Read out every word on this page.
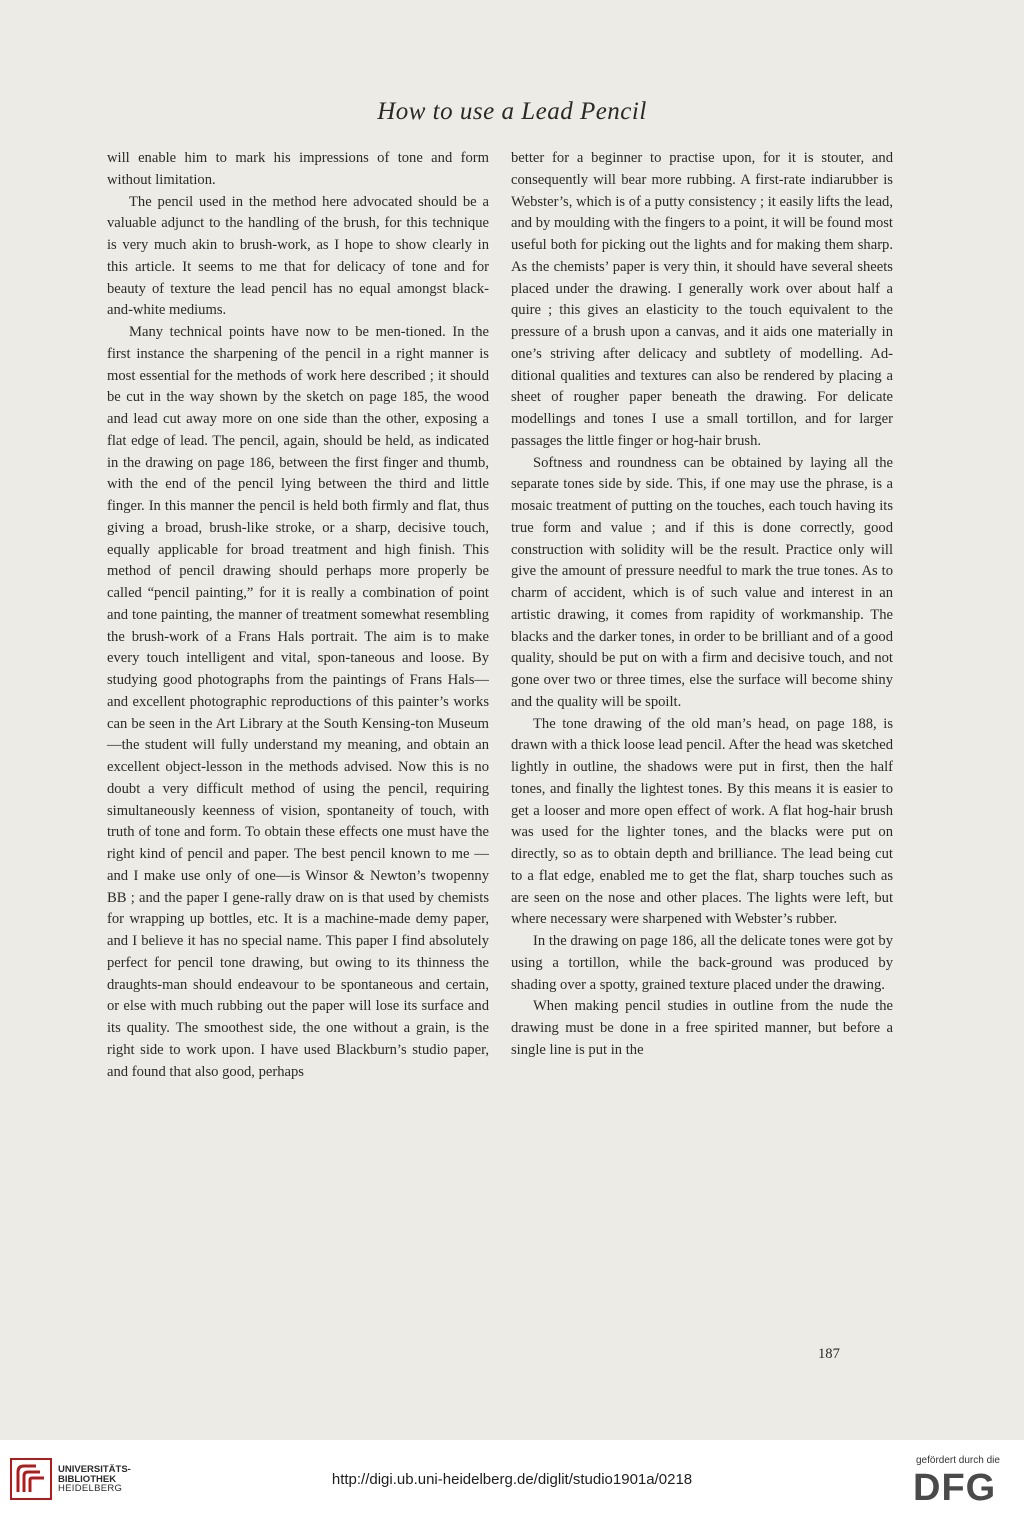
How to use a Lead Pencil

will enable him to mark his impressions of tone and form without limitation.

The pencil used in the method here advocated should be a valuable adjunct to the handling of the brush, for this technique is very much akin to brush-work, as I hope to show clearly in this article. It seems to me that for delicacy of tone and for beauty of texture the lead pencil has no equal amongst black-and-white mediums.

Many technical points have now to be men-tioned. In the first instance the sharpening of the pencil in a right manner is most essential for the methods of work here described ; it should be cut in the way shown by the sketch on page 185, the wood and lead cut away more on one side than the other, exposing a flat edge of lead. The pencil, again, should be held, as indicated in the drawing on page 186, between the first finger and thumb, with the end of the pencil lying between the third and little finger. In this manner the pencil is held both firmly and flat, thus giving a broad, brush-like stroke, or a sharp, decisive touch, equally applicable for broad treatment and high finish. This method of pencil drawing should perhaps more properly be called “pencil painting,” for it is really a combination of point and tone painting, the manner of treatment somewhat resembling the brush-work of a Frans Hals portrait. The aim is to make every touch intelligent and vital, spon-taneous and loose. By studying good photographs from the paintings of Frans Hals—and excellent photographic reproductions of this painter’s works can be seen in the Art Library at the South Kensing-ton Museum—the student will fully understand my meaning, and obtain an excellent object-lesson in the methods advised. Now this is no doubt a very difficult method of using the pencil, requiring simultaneously keenness of vision, spontaneity of touch, with truth of tone and form. To obtain these effects one must have the right kind of pencil and paper. The best pencil known to me —and I make use only of one—is Winsor & Newton’s twopenny BB ; and the paper I gene-rally draw on is that used by chemists for wrapping up bottles, etc. It is a machine-made demy paper, and I believe it has no special name. This paper I find absolutely perfect for pencil tone drawing, but owing to its thinness the draughts-man should endeavour to be spontaneous and certain, or else with much rubbing out the paper will lose its surface and its quality. The smoothest side, the one without a grain, is the right side to work upon. I have used Blackburn’s studio paper, and found that also good, perhaps

better for a beginner to practise upon, for it is stouter, and consequently will bear more rubbing. A first-rate indiarubber is Webster’s, which is of a putty consistency ; it easily lifts the lead, and by moulding with the fingers to a point, it will be found most useful both for picking out the lights and for making them sharp. As the chemists’ paper is very thin, it should have several sheets placed under the drawing. I generally work over about half a quire ; this gives an elasticity to the touch equivalent to the pressure of a brush upon a canvas, and it aids one materially in one’s striving after delicacy and subtlety of modelling. Ad-ditional qualities and textures can also be rendered by placing a sheet of rougher paper beneath the drawing. For delicate modellings and tones I use a small tortillon, and for larger passages the little finger or hog-hair brush.

Softness and roundness can be obtained by laying all the separate tones side by side. This, if one may use the phrase, is a mosaic treatment of putting on the touches, each touch having its true form and value ; and if this is done correctly, good construction with solidity will be the result. Practice only will give the amount of pressure needful to mark the true tones. As to charm of accident, which is of such value and interest in an artistic drawing, it comes from rapidity of workmanship. The blacks and the darker tones, in order to be brilliant and of a good quality, should be put on with a firm and decisive touch, and not gone over two or three times, else the surface will become shiny and the quality will be spoilt.

The tone drawing of the old man’s head, on page 188, is drawn with a thick loose lead pencil. After the head was sketched lightly in outline, the shadows were put in first, then the half tones, and finally the lightest tones. By this means it is easier to get a looser and more open effect of work. A flat hog-hair brush was used for the lighter tones, and the blacks were put on directly, so as to obtain depth and brilliance. The lead being cut to a flat edge, enabled me to get the flat, sharp touches such as are seen on the nose and other places. The lights were left, but where necessary were sharpened with Webster’s rubber.

In the drawing on page 186, all the delicate tones were got by using a tortillon, while the back-ground was produced by shading over a spotty, grained texture placed under the drawing.

When making pencil studies in outline from the nude the drawing must be done in a free spirited manner, but before a single line is put in the

187
UNIVERSITÄTS-
BIBLIOTHEK
HEIDELBERG
http://digi.ub.uni-heidelberg.de/diglit/studio1901a/0218
gefördert durch die
DFG
